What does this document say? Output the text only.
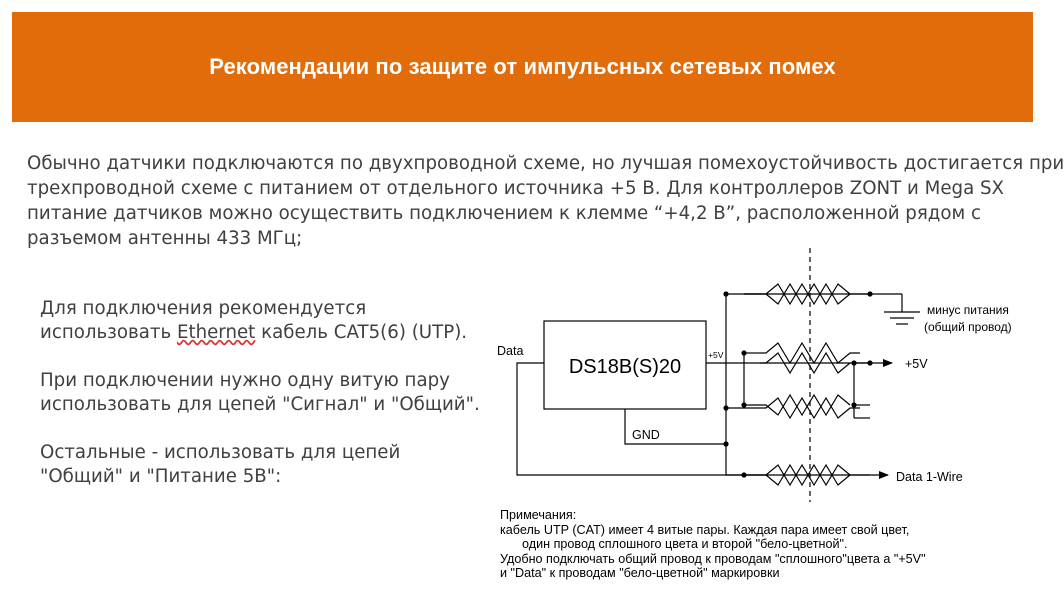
Рекомендации по защите от импульсных сетевых помех
Обычно датчики подключаются по двухпроводной схеме, но лучшая помехоустойчивость достигается при
трехпроводной схеме с питанием от отдельного источника +5 В. Для контроллеров ZONT и Mega SX
питание датчиков можно осуществить подключением к клемме “+4,2 В”, расположенной рядом с
разъемом антенны 433 МГц;

Для подключения рекомендуется
использовать Ethernet кабель CAT5(6) (UTP).

При подключении нужно одну витую пару
использовать для цепей "Сигнал" и "Общий".

Остальные - использовать для цепей
"Общий" и "Питание 5В":

DS18B(S)20
Data	+5V
GND
минус питания
(общий провод)
+5V
Data 1-Wire
Примечания:
кабель UTP (CAT) имеет 4 витые пары. Каждая пара имеет свой цвет,
один провод сплошного цвета и второй "бело-цветной".
Удобно подключать общий провод к проводам "сплошного"цвета а "+5V"
и "Data" к проводам "бело-цветной" маркировки
